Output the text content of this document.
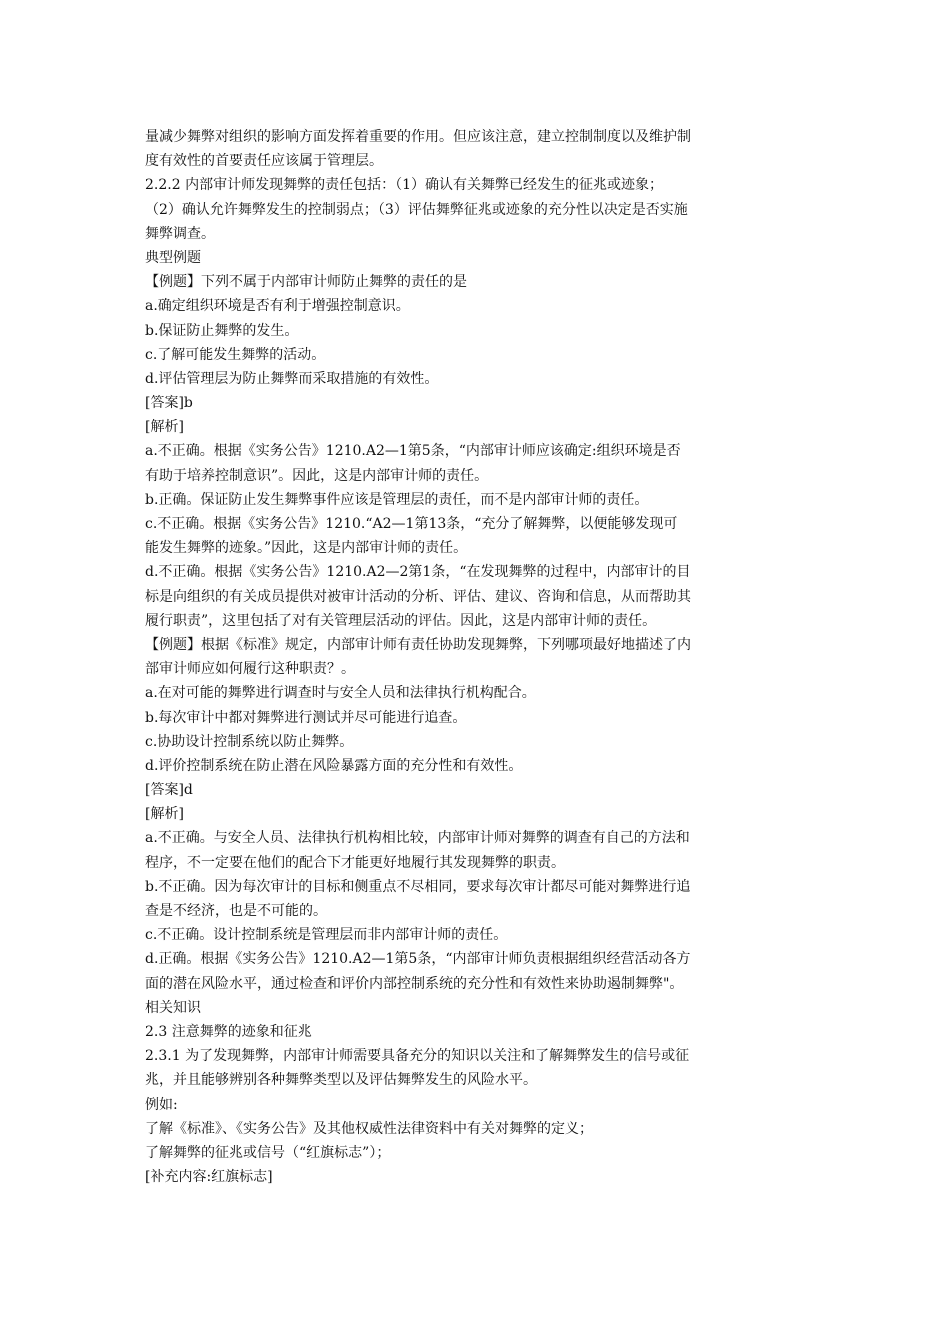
量减少舞弊对组织的影响方面发挥着重要的作用。但应该注意，建立控制制度以及维护制
度有效性的首要责任应该属于管理层。
2.2.2 内部审计师发现舞弊的责任包括：（1）确认有关舞弊已经发生的征兆或迹象；
（2）确认允许舞弊发生的控制弱点；（3）评估舞弊征兆或迹象的充分性以决定是否实施
舞弊调查。
典型例题
【例题】下列不属于内部审计师防止舞弊的责任的是
a.确定组织环境是否有利于增强控制意识。
b.保证防止舞弊的发生。
c.了解可能发生舞弊的活动。
d.评估管理层为防止舞弊而采取措施的有效性。
[答案]b
[解析]
a.不正确。根据《实务公告》1210.A2—1第5条，“内部审计师应该确定:组织环境是否
有助于培养控制意识”。因此，这是内部审计师的责任。
b.正确。保证防止发生舞弊事件应该是管理层的责任，而不是内部审计师的责任。
c.不正确。根据《实务公告》1210.“A2—1第13条，“充分了解舞弊，以便能够发现可
能发生舞弊的迹象。”因此，这是内部审计师的责任。
d.不正确。根据《实务公告》1210.A2—2第1条，“在发现舞弊的过程中，内部审计的目
标是向组织的有关成员提供对被审计活动的分析、评估、建议、咨询和信息，从而帮助其
履行职责”，这里包括了对有关管理层活动的评估。因此，这是内部审计师的责任。
【例题】根据《标准》规定，内部审计师有责任协助发现舞弊，下列哪项最好地描述了内
部审计师应如何履行这种职责？。
a.在对可能的舞弊进行调查时与安全人员和法律执行机构配合。
b.每次审计中都对舞弊进行测试并尽可能进行追查。
c.协助设计控制系统以防止舞弊。
d.评价控制系统在防止潜在风险暴露方面的充分性和有效性。
[答案]d
[解析]
a.不正确。与安全人员、法律执行机构相比较，内部审计师对舞弊的调查有自己的方法和
程序，不一定要在他们的配合下才能更好地履行其发现舞弊的职责。
b.不正确。因为每次审计的目标和侧重点不尽相同，要求每次审计都尽可能对舞弊进行追
查是不经济，也是不可能的。
c.不正确。设计控制系统是管理层而非内部审计师的责任。
d.正确。根据《实务公告》1210.A2—1第5条，“内部审计师负责根据组织经营活动各方
面的潜在风险水平，通过检查和评价内部控制系统的充分性和有效性来协助遏制舞弊"。
相关知识
2.3 注意舞弊的迹象和征兆
2.3.1 为了发现舞弊，内部审计师需要具备充分的知识以关注和了解舞弊发生的信号或征
兆，并且能够辨别各种舞弊类型以及评估舞弊发生的风险水平。
例如:
了解《标准》、《实务公告》及其他权威性法律资料中有关对舞弊的定义；
了解舞弊的征兆或信号（“红旗标志”）；
[补充内容:红旗标志]
